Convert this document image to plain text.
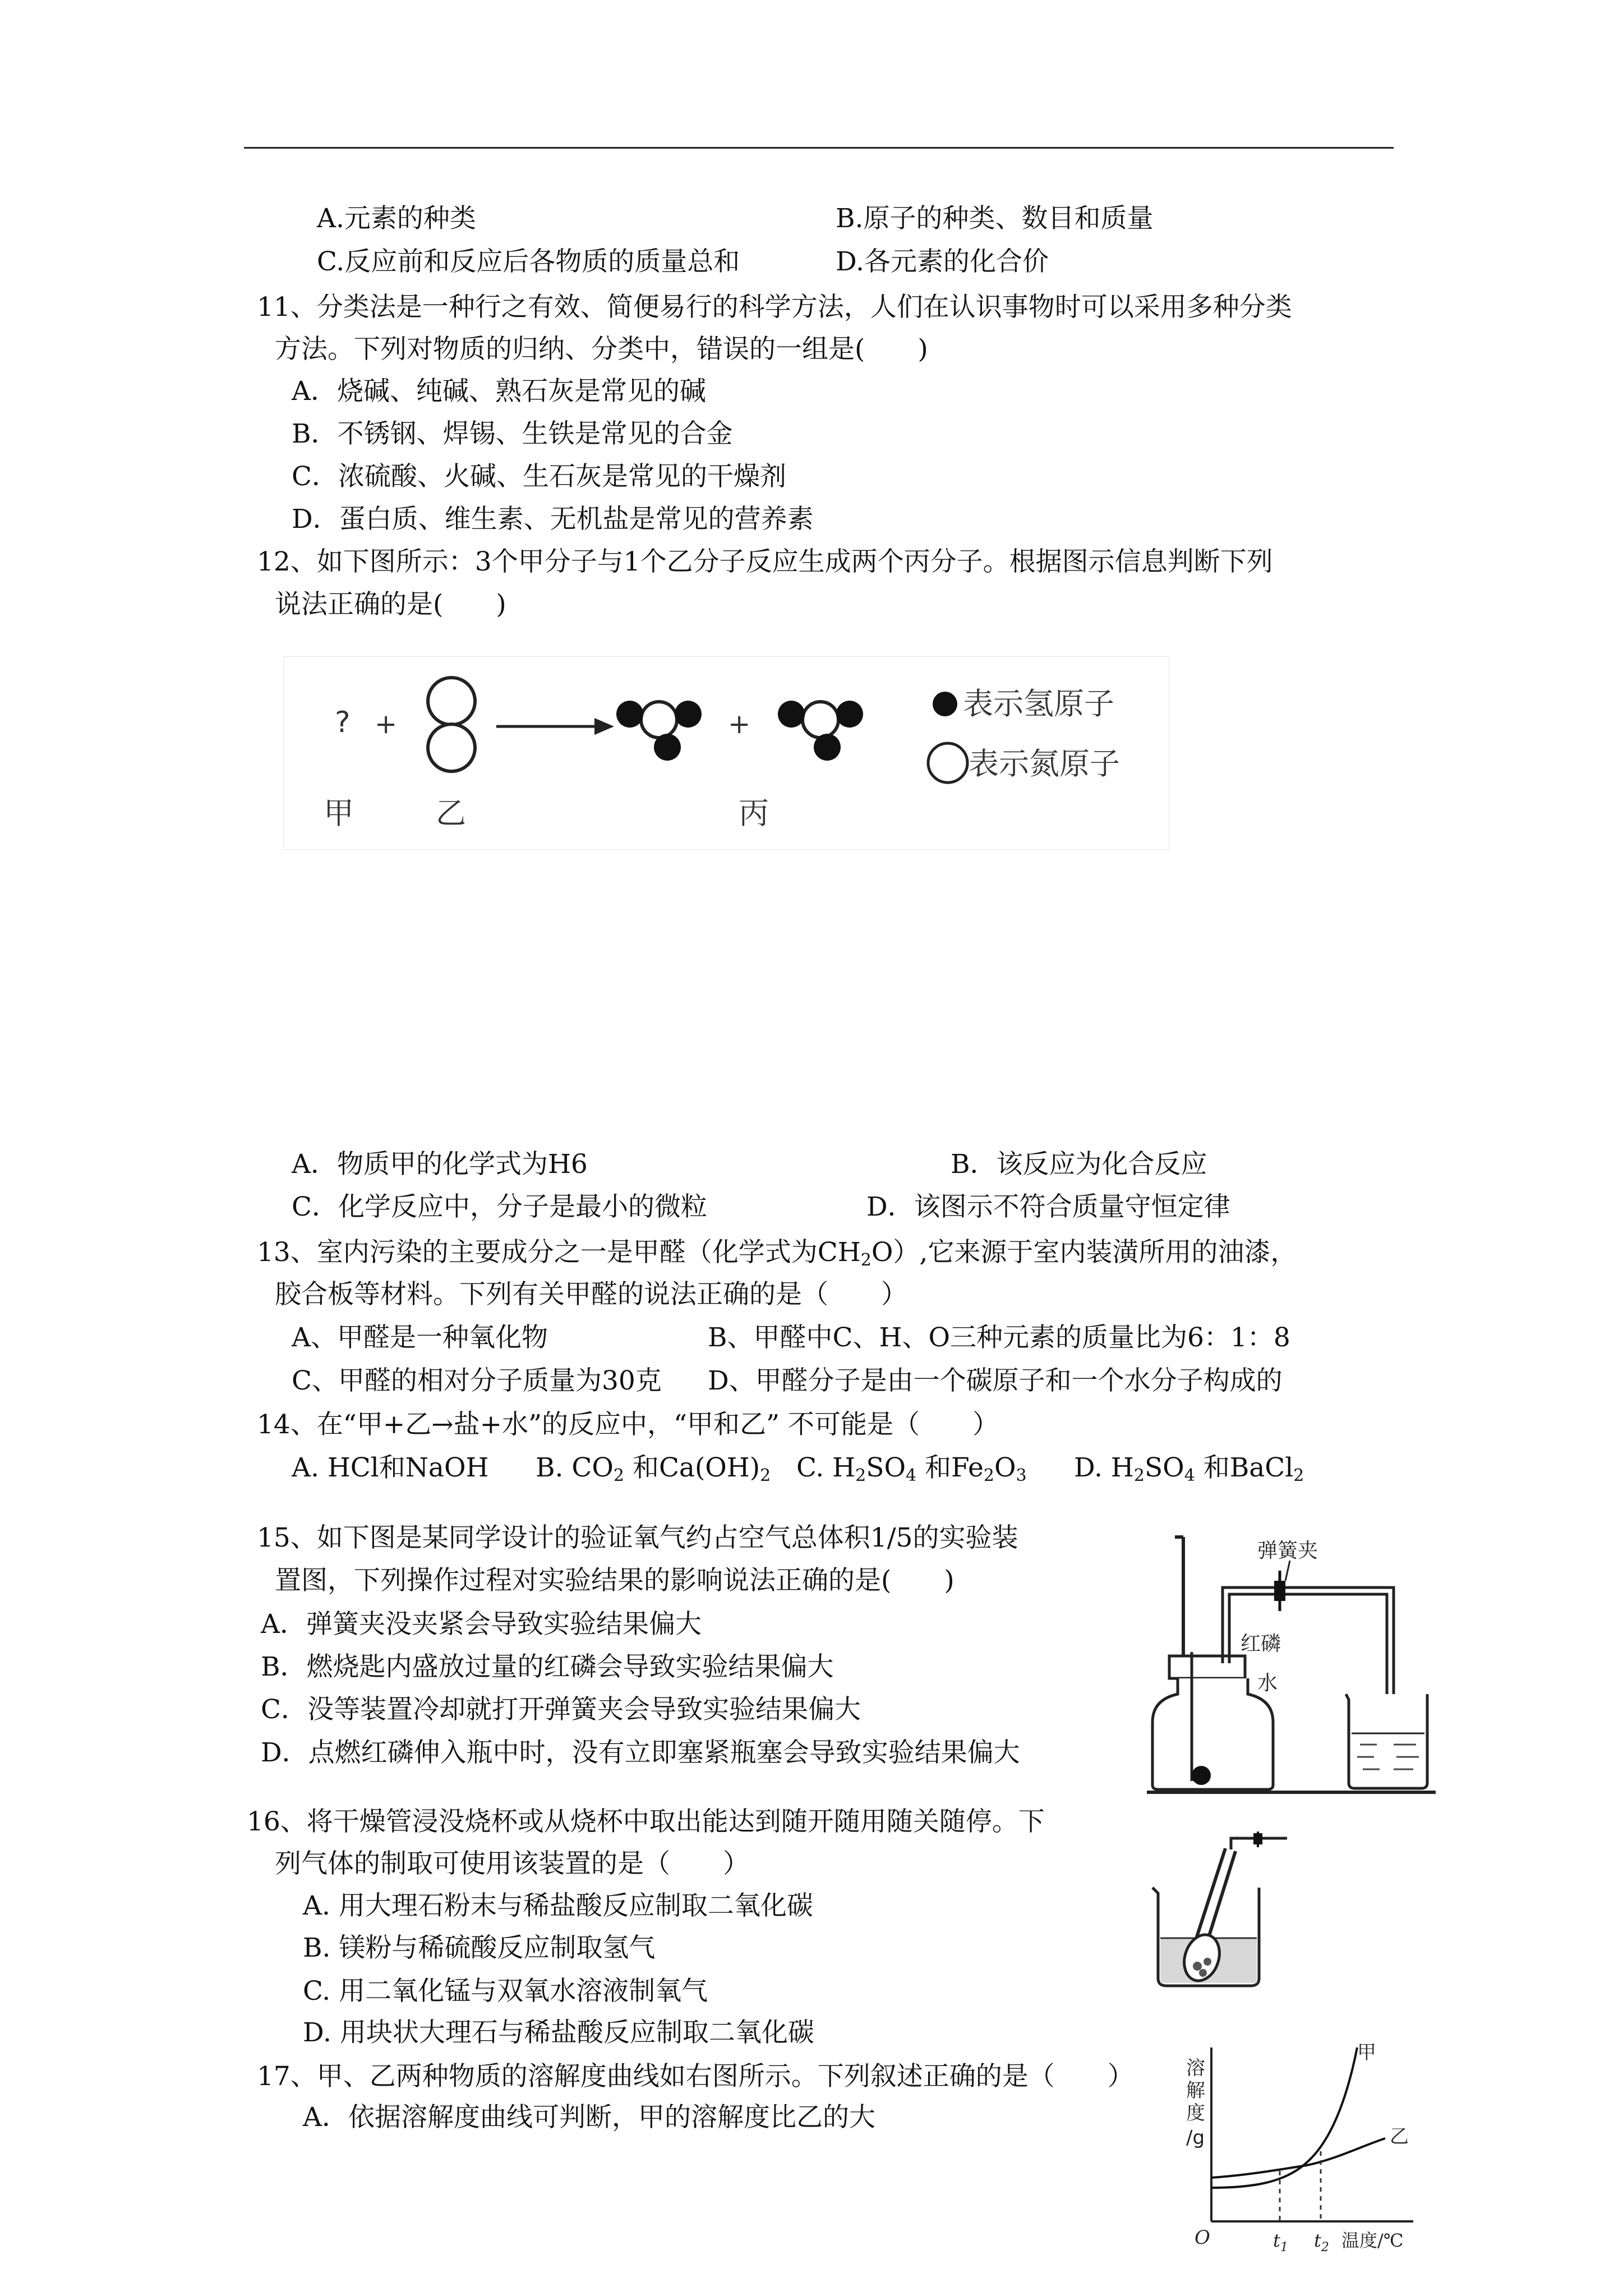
A.元素的种类	B.原子的种类、数目和质量
C.反应前和反应后各物质的质量总和	D.各元素的化合价
11、分类法是一种行之有效、简便易行的科学方法，人们在认识事物时可以采用多种分类
方法。下列对物质的归纳、分类中，错误的一组是(　　)
A．烧碱、纯碱、熟石灰是常见的碱
B．不锈钢、焊锡、生铁是常见的合金
C．浓硫酸、火碱、生石灰是常见的干燥剂
D．蛋白质、维生素、无机盐是常见的营养素
12、如下图所示：3个甲分子与1个乙分子反应生成两个丙分子。根据图示信息判断下列
说法正确的是(　　)
? +	+
表示氢原子
表示氮原子
甲	乙	丙
A．物质甲的化学式为H6	B．该反应为化合反应
C．化学反应中，分子是最小的微粒	D．该图示不符合质量守恒定律
13、室内污染的主要成分之一是甲醛（化学式为$CH_2O$）,它来源于室内装潢所用的油漆，
胶合板等材料。下列有关甲醛的说法正确的是（　　）
A、甲醛是一种氧化物	B、甲醛中C、H、O三种元素的质量比为6：1：8
C、甲醛的相对分子质量为30克 D、甲醛分子是由一个碳原子和一个水分子构成的
14、在“甲+乙→盐+水”的反应中，“甲和乙” 不可能是（　　）
A. HCl和NaOH B. $CO_2$ 和$Ca(OH)_2$ C. $H_2SO_4$ 和$Fe_2O_3$ D. $H_2SO_4$ 和BaCl$_2$
15、如下图是某同学设计的验证氧气约占空气总体积1/5的实验装
置图，下列操作过程对实验结果的影响说法正确的是(　　)
A．弹簧夹没夹紧会导致实验结果偏大
B．燃烧匙内盛放过量的红磷会导致实验结果偏大
C．没等装置冷却就打开弹簧夹会导致实验结果偏大
D．点燃红磷伸入瓶中时，没有立即塞紧瓶塞会导致实验结果偏大
弹簧夹
红磷
水
16、将干燥管浸没烧杯或从烧杯中取出能达到随开随用随关随停。下
列气体的制取可使用该装置的是（　　）
A. 用大理石粉末与稀盐酸反应制取二氧化碳
B. 镁粉与稀硫酸反应制取氢气
C. 用二氧化锰与双氧水溶液制氧气
D. 用块状大理石与稀盐酸反应制取二氧化碳
17、甲、乙两种物质的溶解度曲线如右图所示。下列叙述正确的是（　　）
A．依据溶解度曲线可判断，甲的溶解度比乙的大
溶
解
度
/g
甲
乙
O	$t_1$ $t_2$ 温度/℃
